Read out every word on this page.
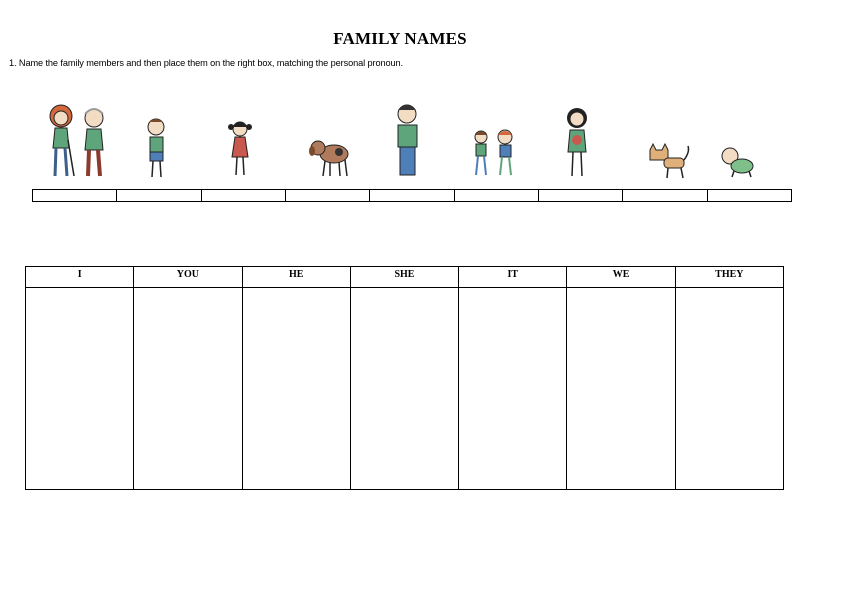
FAMILY NAMES
1. Name the family members and then place them on the right box, matching the personal pronoun.
I	YOU	HE	SHE	IT	WE	THEY
